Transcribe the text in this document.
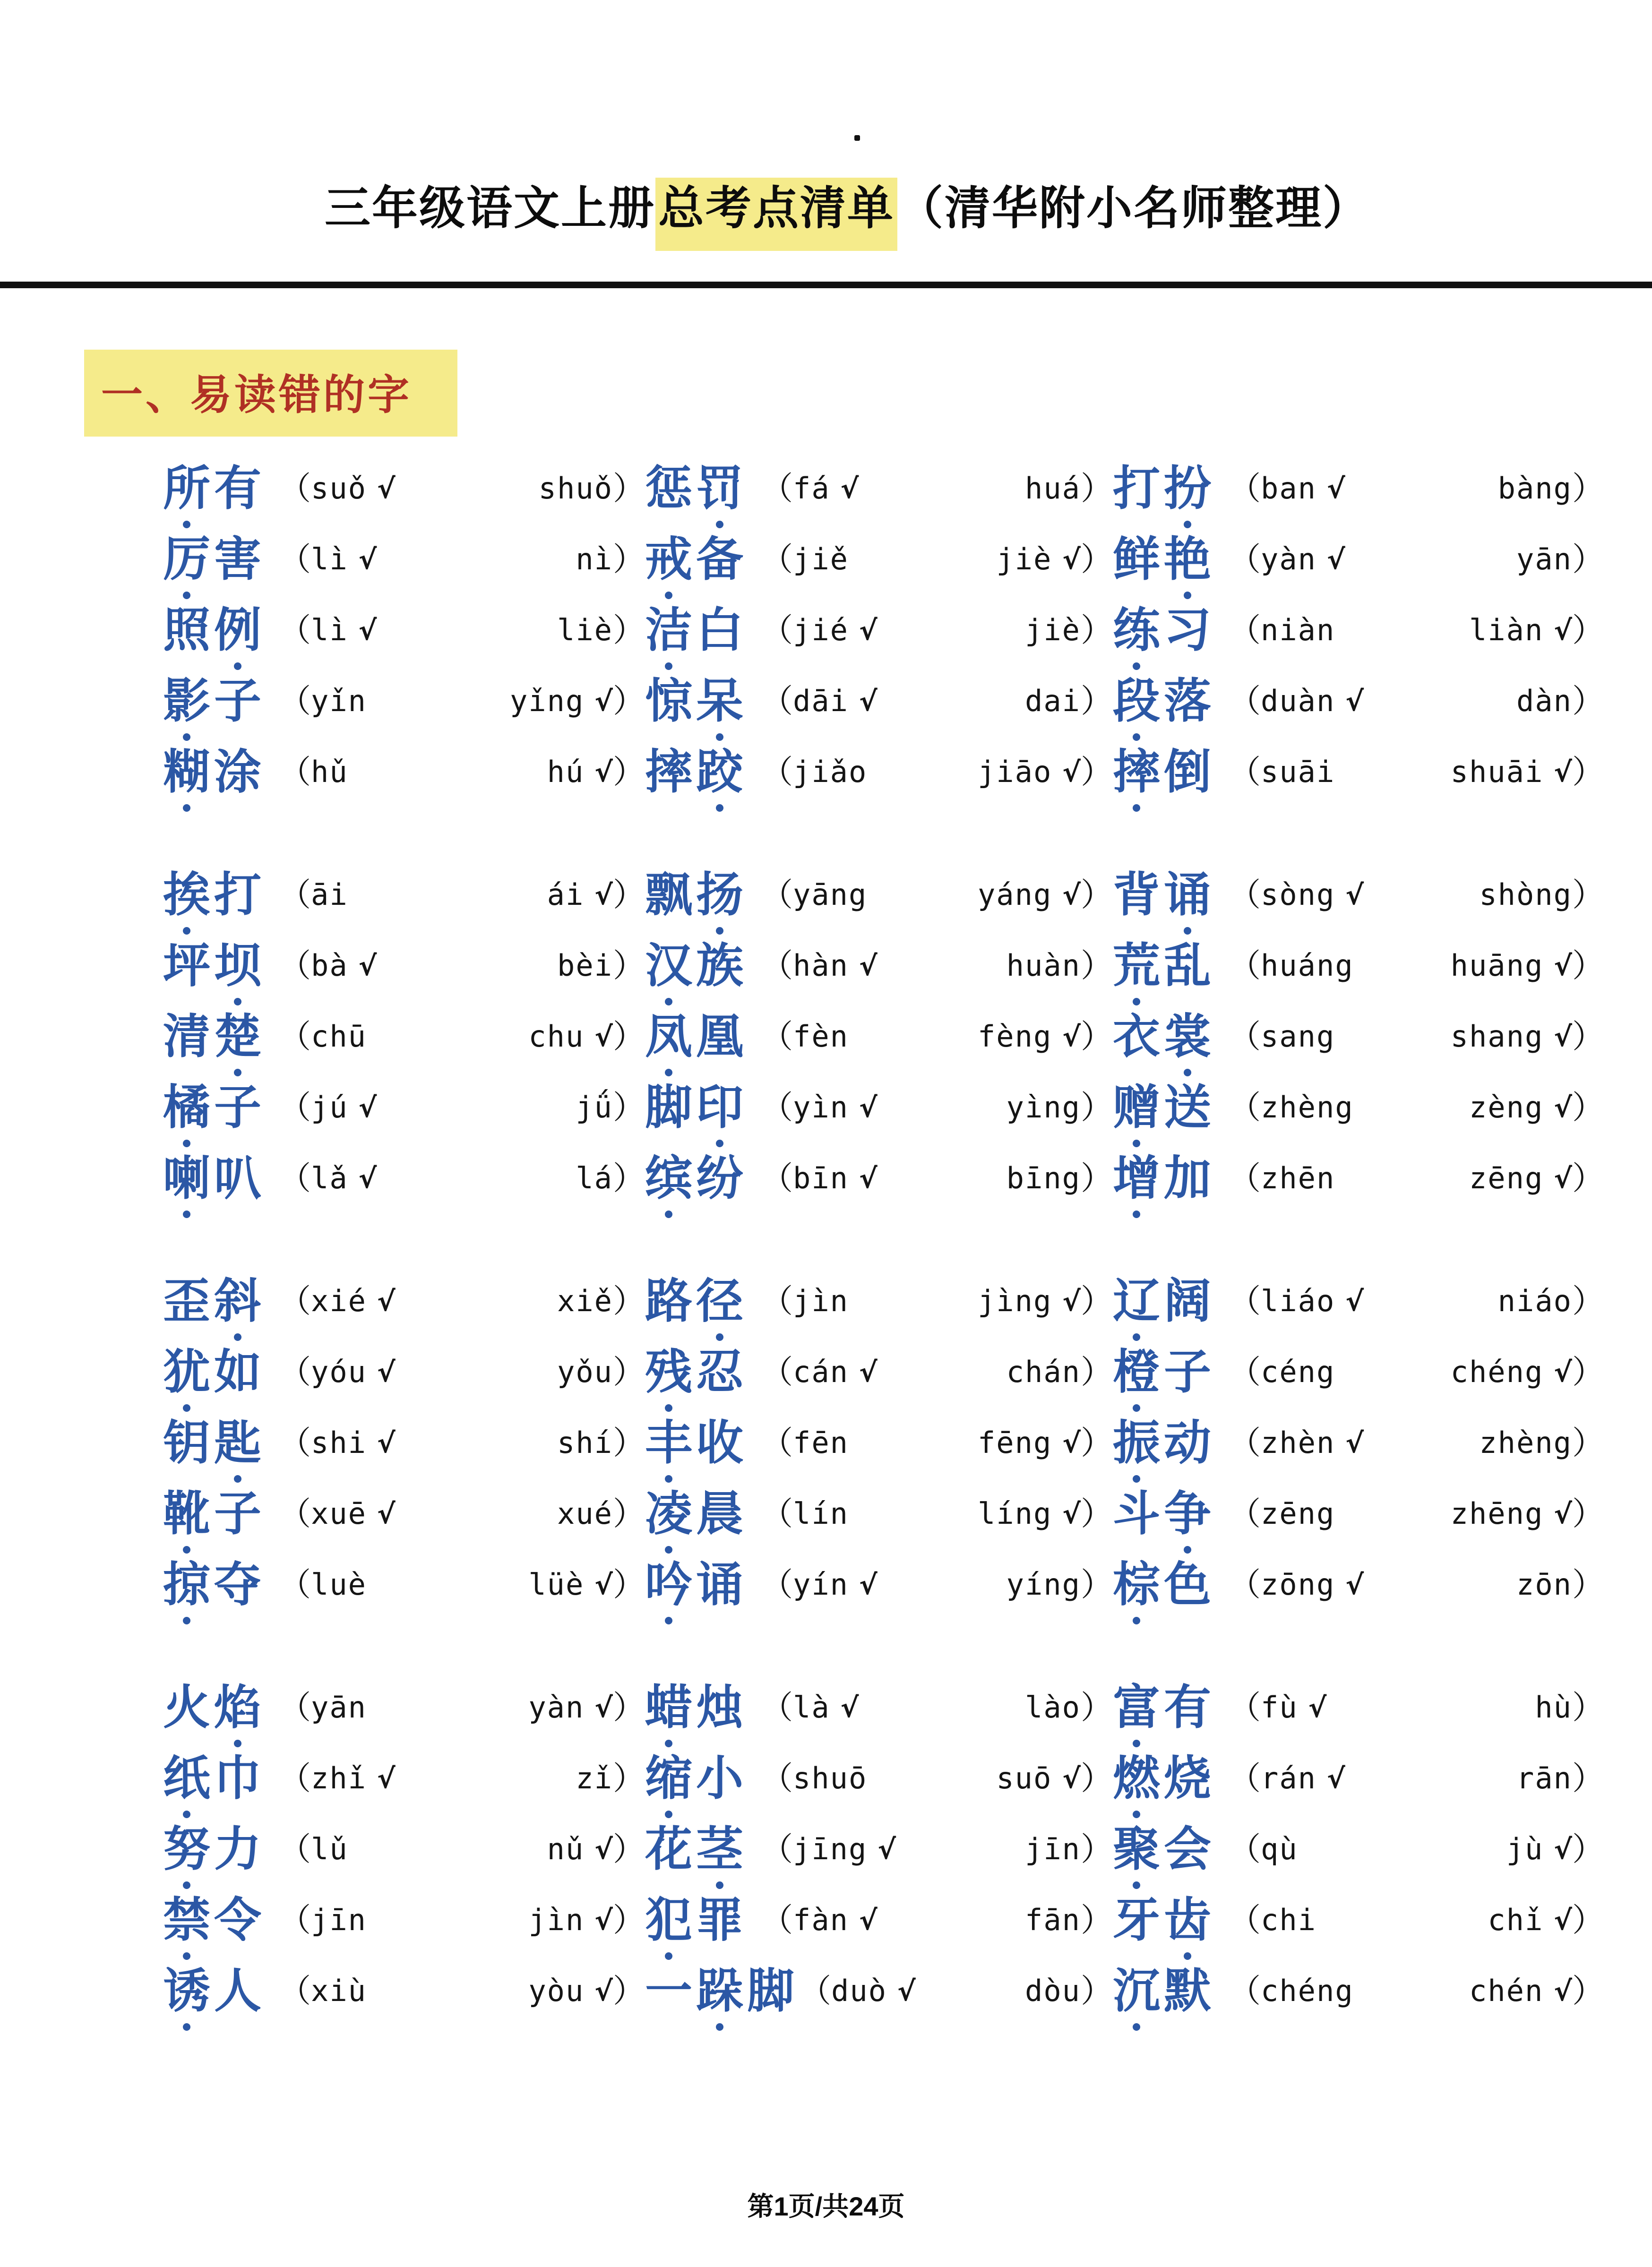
三年级语文上册总考点清单（清华附小名师整理）
一、易读错的字
所 有 （ suǒ √	shuǒ ） 惩 罚 （ fá √	huá ） 打 扮 （ ban √	bàng ）
厉 害 （ lì √	nì ） 戒 备 （ jiě	jiè √ ） 鲜 艳 （ yàn √	yān ）
照 例 （ lì √	liè ） 洁 白 （ jié √	jiè ） 练 习 （ niàn	liàn √ ）
影 子 （ yǐn	yǐng √ ） 惊 呆 （ dāi √	dai ） 段 落 （ duàn √	dàn ）
糊 涂 （ hǔ	hú √ ） 摔 跤 （ jiǎo	jiāo √ ） 摔 倒 （ suāi	shuāi √ ）
挨 打 （ āi	ái √ ） 飘 扬 （ yāng	yáng √ ） 背 诵 （ sòng √	shòng ）
坪 坝 （ bà √	bèi ） 汉 族 （ hàn √	huàn ） 荒 乱 （ huáng	huāng √ ）
清 楚 （ chū	chu √ ） 凤 凰 （ fèn	fèng √ ） 衣 裳 （ sang	shang √ ）
橘 子 （ jú √	jǘ ） 脚 印 （ yìn √	yìng ） 赠 送 （ zhèng	zèng √ ）
喇 叭 （ lǎ √	lá ） 缤 纷 （ bīn √	bīng ） 增 加 （ zhēn	zēng √ ）
歪 斜 （ xié √	xiě ） 路 径 （ jìn	jìng √ ） 辽 阔 （ liáo √	niáo ）
犹 如 （ yóu √	yǒu ） 残 忍 （ cán √	chán ） 橙 子 （ céng	chéng √ ）
钥 匙 （ shi √	shí ） 丰 收 （ fēn	fēng √ ） 振 动 （ zhèn √	zhèng ）
靴 子 （ xuē √	xué ） 凌 晨 （ lín	líng √ ） 斗 争 （ zēng	zhēng √ ）
掠 夺 （ luè	lüè √ ） 吟 诵 （ yín √	yíng ） 棕 色 （ zōng √	zōn ）
火 焰 （ yān	yàn √ ） 蜡 烛 （ là √	lào ） 富 有 （ fù √	hù ）
纸 巾 （ zhǐ √	zǐ ） 缩 小 （ shuō	suō √ ） 燃 烧 （ rán √	rān ）
努 力 （ lǔ	nǔ √ ） 花 茎 （ jīng √	jīn ） 聚 会 （ qù	jù √ ）
禁 令 （ jīn	jìn √ ） 犯 罪 （ fàn √	fān ） 牙 齿 （ chi	chǐ √ ）
诱 人 （ xiù	yòu √ ） 一 跺 脚 （ duò √	dòu ） 沉 默 （ chéng	chén √ ）
第1页/共24页
